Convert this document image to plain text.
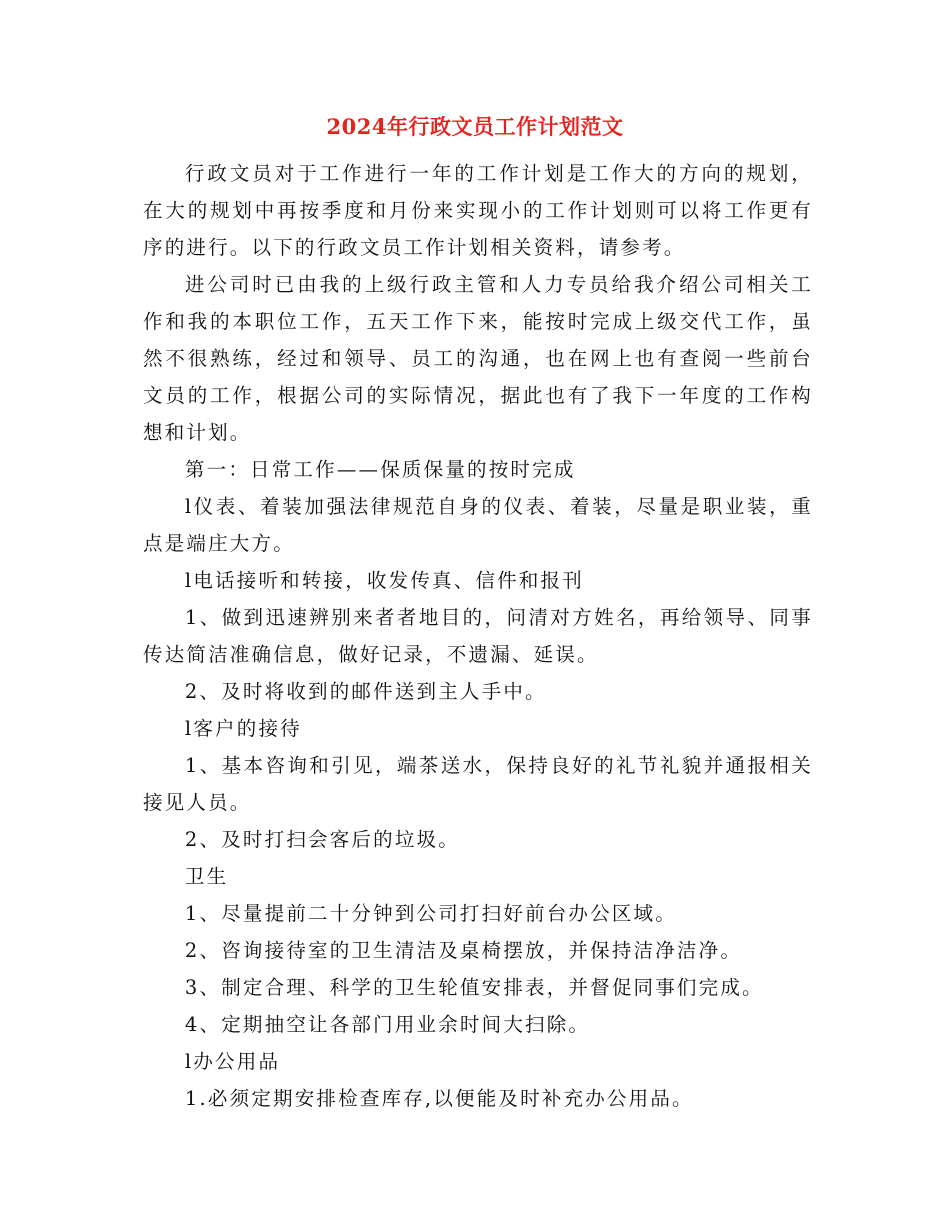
2024年行政文员工作计划范文

行政文员对于工作进行一年的工作计划是工作大的方向的规划，在大的规划中再按季度和月份来实现小的工作计划则可以将工作更有序的进行。以下的行政文员工作计划相关资料，请参考。

进公司时已由我的上级行政主管和人力专员给我介绍公司相关工作和我的本职位工作，五天工作下来，能按时完成上级交代工作，虽然不很熟练，经过和领导、员工的沟通，也在网上也有查阅一些前台文员的工作，根据公司的实际情况，据此也有了我下一年度的工作构想和计划。

第一：日常工作——保质保量的按时完成

l仪表、着装加强法律规范自身的仪表、着装，尽量是职业装，重点是端庄大方。

l电话接听和转接，收发传真、信件和报刊

1、做到迅速辨别来者者地目的，问清对方姓名，再给领导、同事传达简洁准确信息，做好记录，不遗漏、延误。

2、及时将收到的邮件送到主人手中。

l客户的接待

1、基本咨询和引见，端茶送水，保持良好的礼节礼貌并通报相关接见人员。

2、及时打扫会客后的垃圾。

卫生

1、尽量提前二十分钟到公司打扫好前台办公区域。

2、咨询接待室的卫生清洁及桌椅摆放，并保持洁净洁净。

3、制定合理、科学的卫生轮值安排表，并督促同事们完成。

4、定期抽空让各部门用业余时间大扫除。

l办公用品

1.必须定期安排检查库存,以便能及时补充办公用品。
